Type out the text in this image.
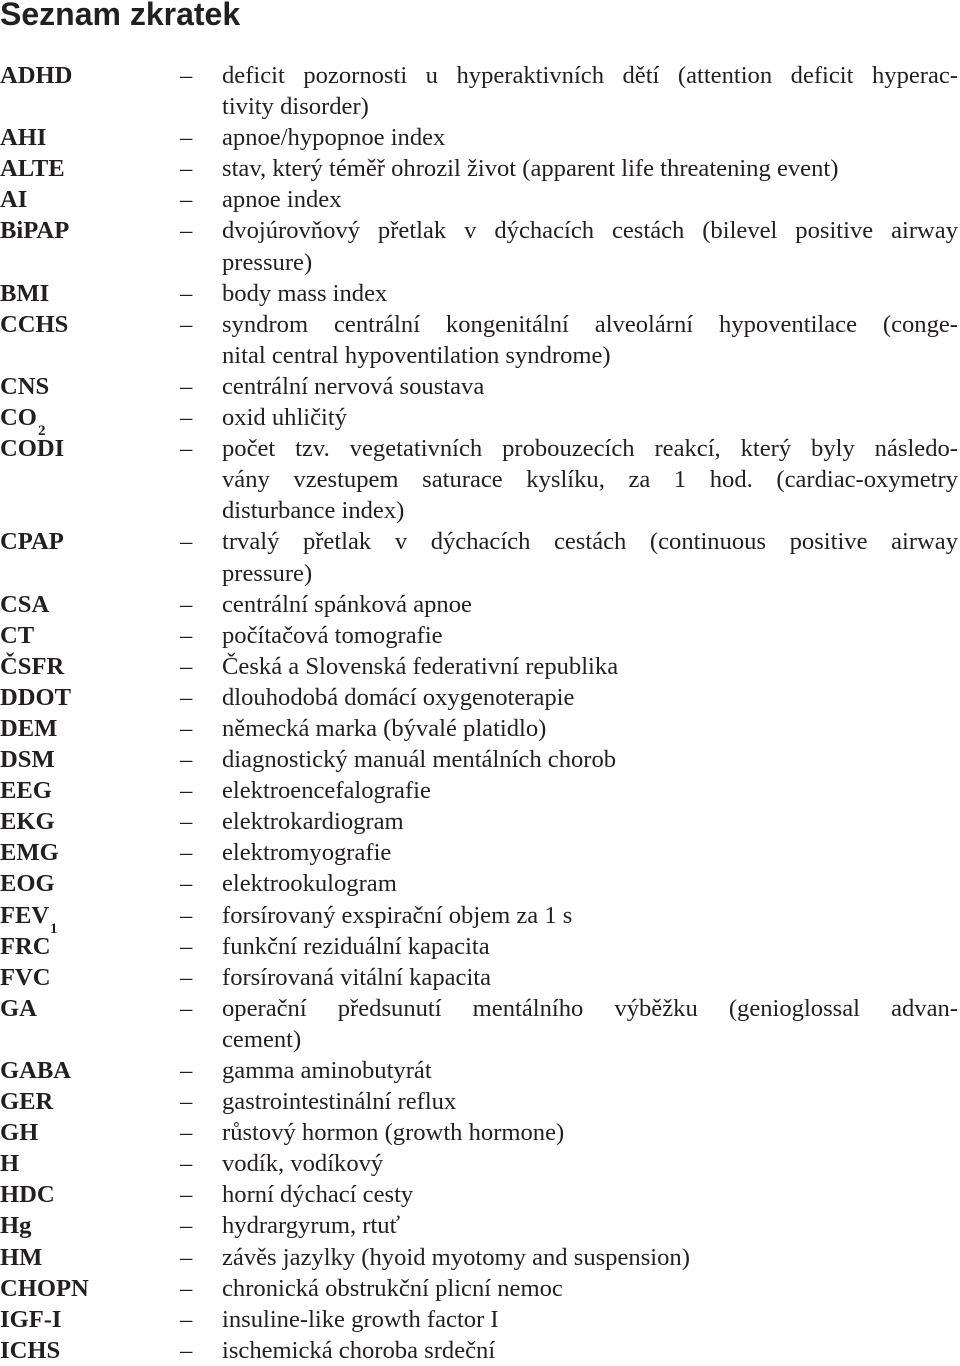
Seznam zkratek
ADHD	–	deficit pozornosti u hyperaktivních dětí (attention deficit hyperac-
tivity disorder)
AHI	–	apnoe/hypopnoe index
ALTE	–	stav, který téměř ohrozil život (apparent life threatening event)
AI	–	apnoe index
BiPAP	–	dvojúrovňový přetlak v dýchacích cestách (bilevel positive airway
pressure)
BMI	–	body mass index
CCHS	–	syndrom centrální kongenitální alveolární hypoventilace (conge-
nital central hypoventilation syndrome)
CNS	–	centrální nervová soustava
CO 2	–	oxid uhličitý
CODI	–	počet tzv. vegetativních probouzecích reakcí, který byly následo-
vány vzestupem saturace kyslíku, za 1 hod. (cardiac-oxymetry
disturbance index)
CPAP	–	trvalý přetlak v dýchacích cestách (continuous positive airway
pressure)
CSA	–	centrální spánková apnoe
CT	–	počítačová tomografie
ČSFR	–	Česká a Slovenská federativní republika
DDOT	–	dlouhodobá domácí oxygenoterapie
DEM	–	německá marka (bývalé platidlo)
DSM	–	diagnostický manuál mentálních chorob
EEG	–	elektroencefalografie
EKG	–	elektrokardiogram
EMG	–	elektromyografie
EOG	–	elektrookulogram
FEV 1	–	forsírovaný exspirační objem za 1 s
FRC	–	funkční reziduální kapacita
FVC	–	forsírovaná vitální kapacita
GA	–	operační předsunutí mentálního výběžku (genioglossal advan-
cement)
GABA	–	gamma aminobutyrát
GER	–	gastrointestinální reflux
GH	–	růstový hormon (growth hormone)
H	–	vodík, vodíkový
HDC	–	horní dýchací cesty
Hg	–	hydrargyrum, rtuť
HM	–	závěs jazylky (hyoid myotomy and suspension)
CHOPN	–	chronická obstrukční plicní nemoc
IGF-I	–	insuline-like growth factor I
ICHS	–	ischemická choroba srdeční
